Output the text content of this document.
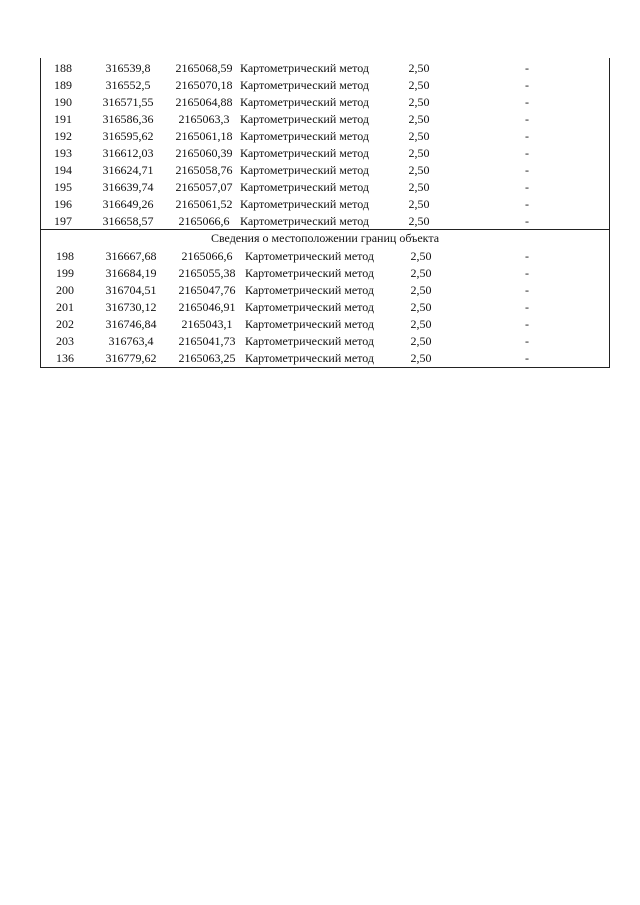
188	316539,8	2165068,59 Картометрический метод	2,50	-
189	316552,5	2165070,18 Картометрический метод	2,50	-
190	316571,55	2165064,88 Картометрический метод	2,50	-
191	316586,36	2165063,3 Картометрический метод	2,50	-
192	316595,62	2165061,18 Картометрический метод	2,50	-
193	316612,03	2165060,39 Картометрический метод	2,50	-
194	316624,71	2165058,76 Картометрический метод	2,50	-
195	316639,74	2165057,07 Картометрический метод	2,50	-
196	316649,26	2165061,52 Картометрический метод	2,50	-
197	316658,57	2165066,6 Картометрический метод	2,50	-
Сведения о местоположении границ объекта
198	316667,68	2165066,6	Картометрический метод	2,50	-
199	316684,19	2165055,38 Картометрический метод	2,50	-
200	316704,51	2165047,76 Картометрический метод	2,50	-
201	316730,12	2165046,91 Картометрический метод	2,50	-
202	316746,84	2165043,1	Картометрический метод	2,50	-
203	316763,4	2165041,73 Картометрический метод	2,50	-
136	316779,62	2165063,25 Картометрический метод	2,50	-
